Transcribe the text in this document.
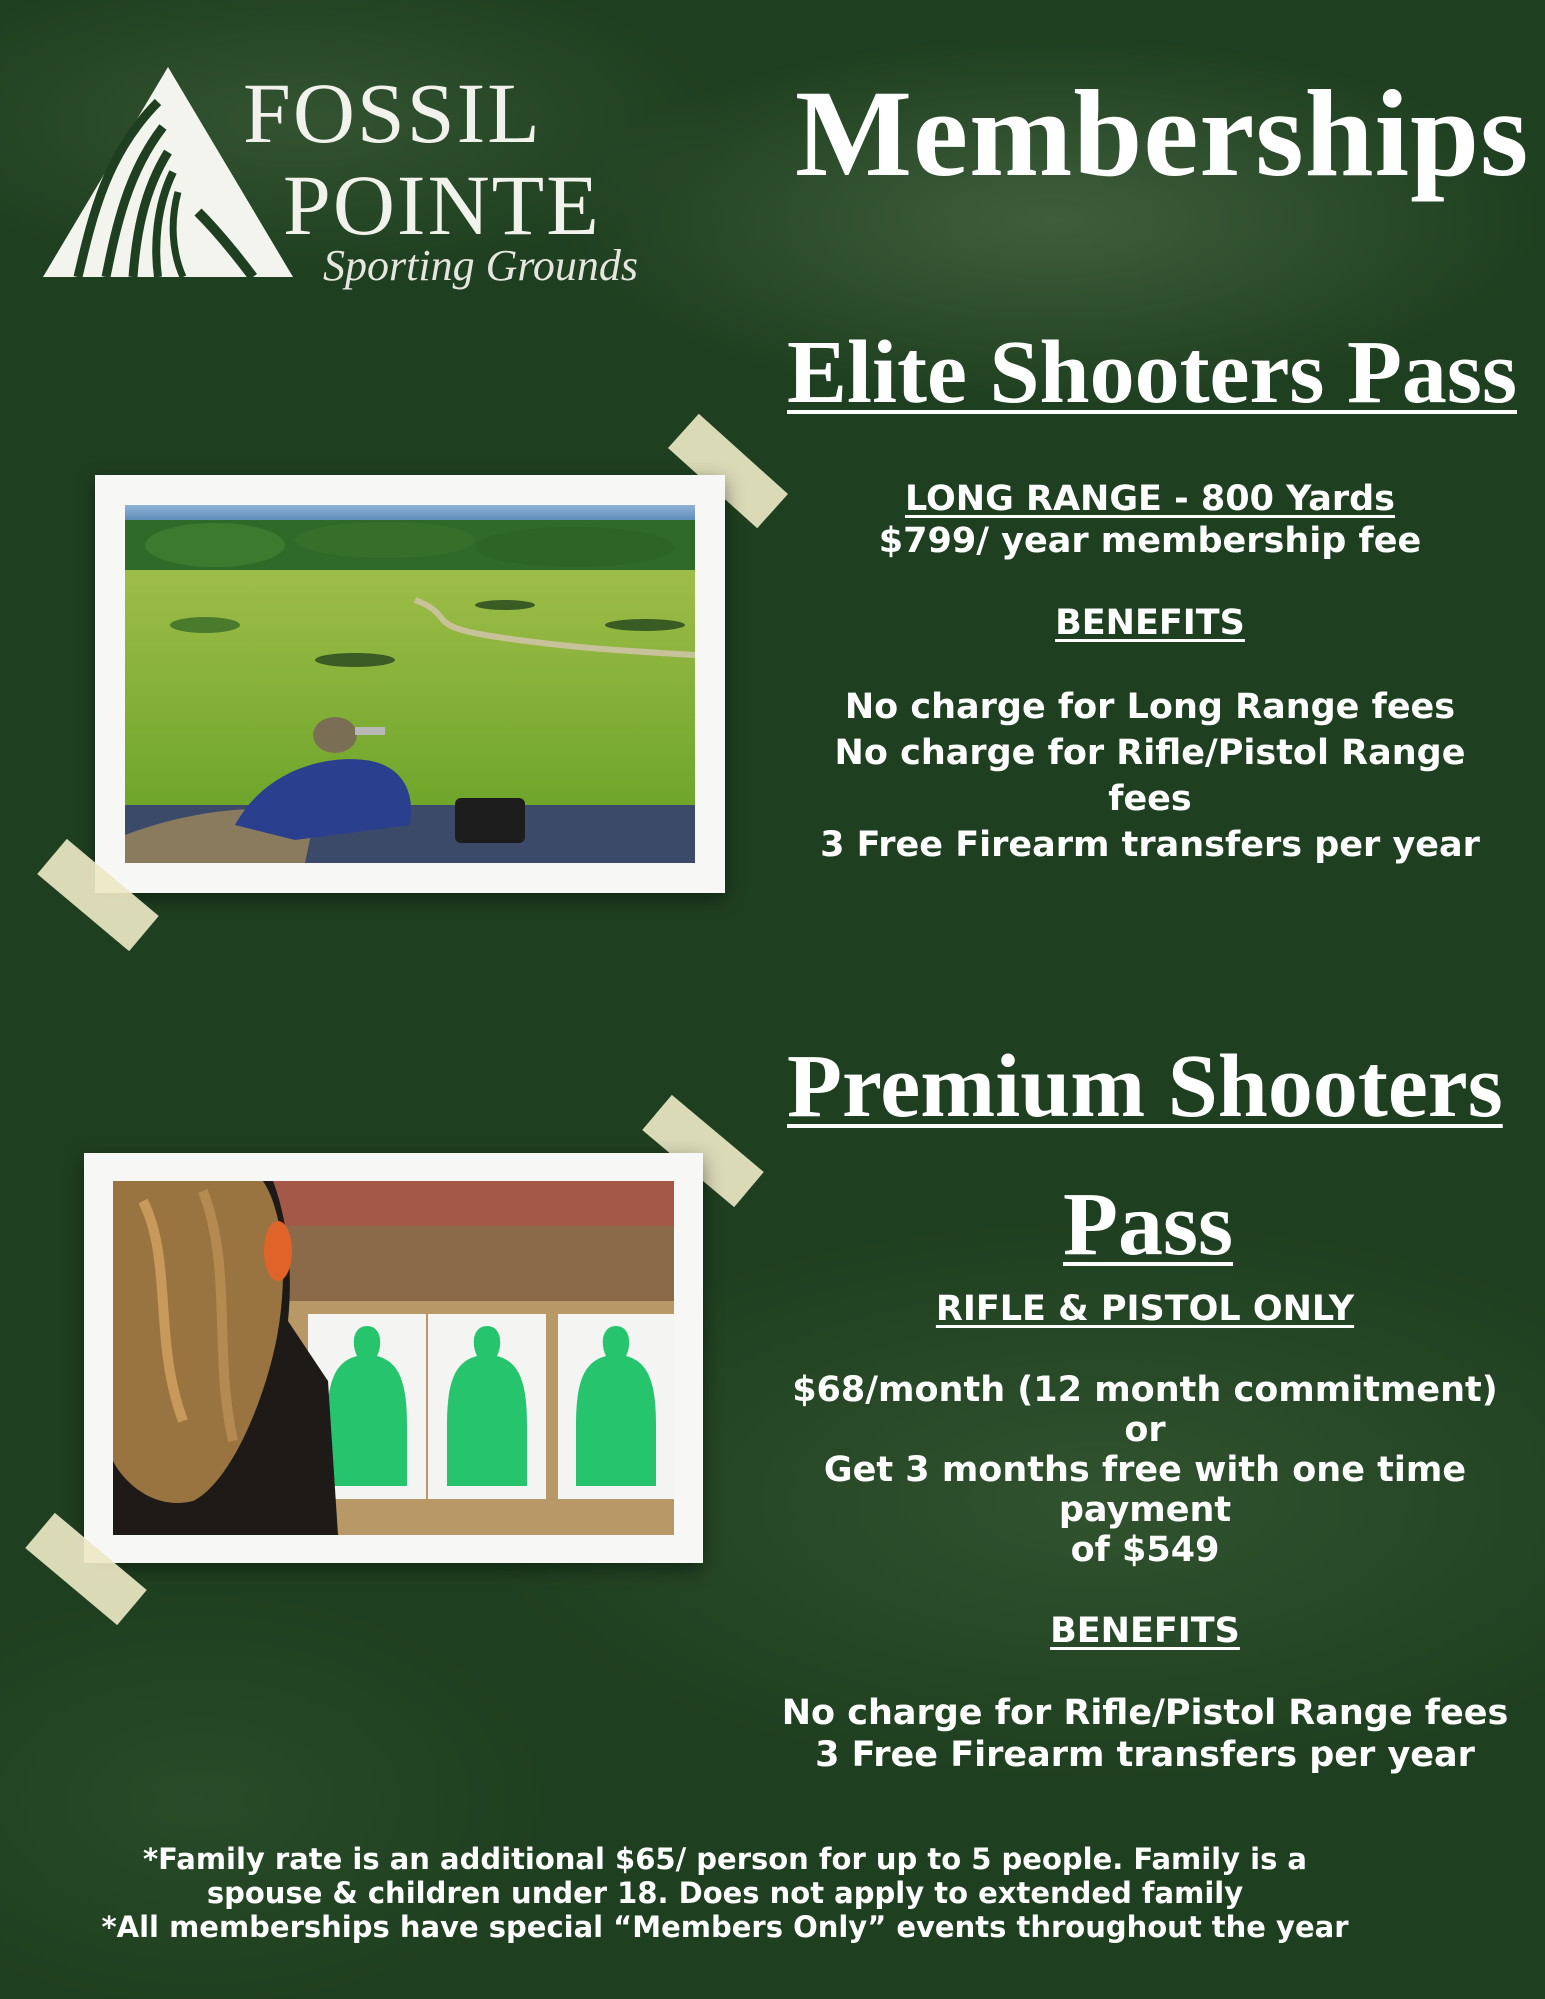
FOSSIL
POINTE
Sporting Grounds
Memberships
Elite Shooters Pass
LONG RANGE - 800 Yards
$799/ year membership fee
BENEFITS
No charge for Long Range fees
No charge for Rifle/Pistol Range
fees
3 Free Firearm transfers per year
Premium Shooters
Pass
RIFLE & PISTOL ONLY
$68/month (12 month commitment)
or
Get 3 months free with one time
payment
of $549
BENEFITS
No charge for Rifle/Pistol Range fees
3 Free Firearm transfers per year
*Family rate is an additional $65/ person for up to 5 people. Family is a
spouse & children under 18. Does not apply to extended family
*All memberships have special “Members Only” events throughout the year
